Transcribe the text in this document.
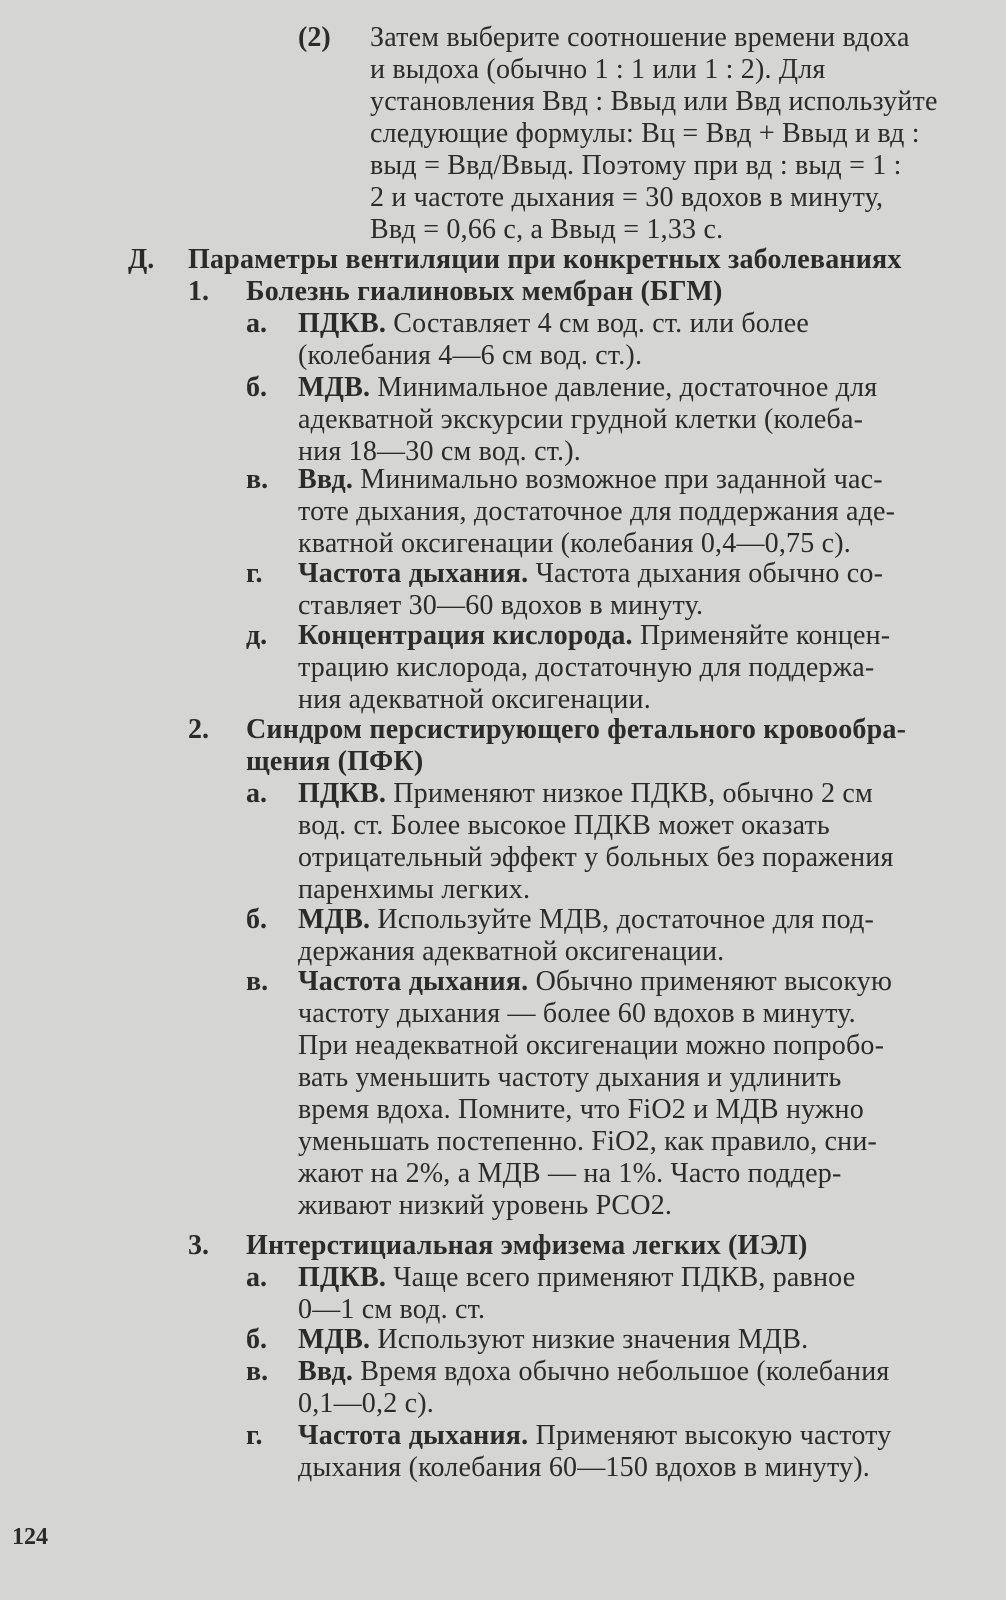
(2) Затем выберите соотношение времени вдоха

и выдоха (обычно 1 : 1 или 1 : 2). Для

установления Bвд : Bвыд или Bвд используйте

следующие формулы: Bц = Bвд + Bвыд и вд :

выд = Bвд/Bвыд. Поэтому при вд : выд = 1 :

2 и частоте дыхания = 30 вдохов в минуту,

Bвд = 0,66 с, а Bвыд = 1,33 с.

Д. Параметры вентиляции при конкретных заболеваниях

1. Болезнь гиалиновых мембран (БГМ)

а. ПДКВ. Составляет 4 см вод. ст. или более

(колебания 4—6 см вод. ст.).

б. МДВ. Минимальное давление, достаточное для

адекватной экскурсии грудной клетки (колеба-

ния 18—30 см вод. ст.).

в. Bвд. Минимально возможное при заданной час-

тоте дыхания, достаточное для поддержания аде-

кватной оксигенации (колебания 0,4—0,75 с).

г. Частота дыхания. Частота дыхания обычно со-

ставляет 30—60 вдохов в минуту.

д. Концентрация кислорода. Применяйте концен-

трацию кислорода, достаточную для поддержа-

ния адекватной оксигенации.

2. Синдром персистирующего фетального кровообра-

щения (ПФК)

а. ПДКВ. Применяют низкое ПДКВ, обычно 2 см

вод. ст. Более высокое ПДКВ может оказать

отрицательный эффект у больных без поражения

паренхимы легких.

б. МДВ. Используйте МДВ, достаточное для под-

держания адекватной оксигенации.

в. Частота дыхания. Обычно применяют высокую

частоту дыхания — более 60 вдохов в минуту.

При неадекватной оксигенации можно попробо-

вать уменьшить частоту дыхания и удлинить

время вдоха. Помните, что FiO2 и МДВ нужно

уменьшать постепенно. FiO2, как правило, сни-

жают на 2%, а МДВ — на 1%. Часто поддер-

живают низкий уровень PCO2.

3. Интерстициальная эмфизема легких (ИЭЛ)

а. ПДКВ. Чаще всего применяют ПДКВ, равное

0—1 см вод. ст.

б. МДВ. Используют низкие значения МДВ.

в. Bвд. Время вдоха обычно небольшое (колебания

0,1—0,2 с).

г. Частота дыхания. Применяют высокую частоту

дыхания (колебания 60—150 вдохов в минуту).

124
